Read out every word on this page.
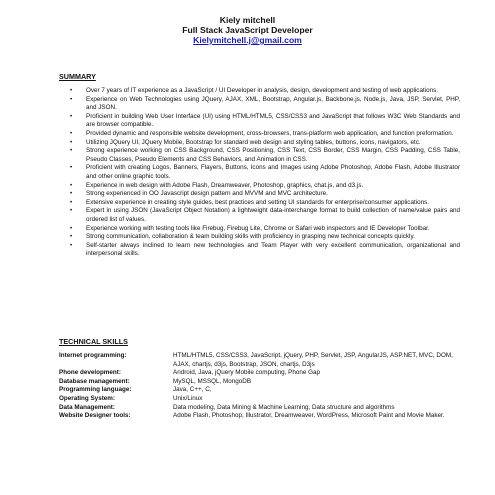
Kiely mitchell
Full Stack JavaScript Developer
Kielymitchell.j@gmail.com
SUMMARY
• Over 7 years of IT experience as a JavaScript / UI Developer in analysis, design, development and testing of web applications.
• Experience on Web Technologies using JQuery, AJAX, XML, Bootstrap, Angular.js, Backbone.js, Node.js, Java, JSP, Servlet, PHP, and JSON.
• Proficient in building Web User Interface (UI) using HTML/HTML5, CSS/CSS3 and JavaScript that follows W3C Web Standards and are browser compatible.
• Provided dynamic and responsible website development, cross-browsers, trans-platform web application, and function preformation.
• Utilizing JQuery UI, JQuery Mobile, Bootstrap for standard web design and styling tables, buttons, icons, navigators, etc.
• Strong experience working on CSS Background, CSS Positioning, CSS Text, CSS Border, CSS Margin, CSS Padding, CSS Table, Pseudo Classes, Pseudo Elements and CSS Behaviors, and Animation in CSS.
• Proficient with creating Logos, Banners, Flayers, Buttons, Icons and Images using Adobe Photoshop, Adobe Flash, Adobe Illustrator and other online graphic tools.
• Experience in web design with Adobe Flash, Dreamweaver, Photoshop, graphics, chat.js, and d3.js.
• Strong experienced in OO Javascript design pattern and MVVM and MVC architecture.
• Extensive experience in creating style guides, best practices and setting UI standards for enterprise/consumer applications.
• Expert in using JSON (JavaScript Object Notation) a lightweight data-interchange format to build collection of name/value pairs and ordered list of values.
• Experience working with testing tools like Firebug, Firebug Lite, Chrome or Safari web inspectors and IE Developer Toolbar.
• Strong communication, collaboration & team building skills with proficiency in grasping new technical concepts quickly.
• Self-starter always inclined to learn new technologies and Team Player with very excellent communication, organizational and interpersonal skills.
TECHNICAL SKILLS
Internet programming:	HTML/HTML5, CSS/CSS3, JavaScript, jQuery, PHP, Servlet, JSP, AngularJS, ASP.NET, MVC, DOM, AJAX, chartjs, d3js, Bootstrap, JSON, chartjs, D3js
Phone development:	Android, Java, jQuery Mobile computing, Phone Gap
Database management:	MySQL, MSSQL, MongoDB
Programming language:	Java, C++, C,
Operating System:	Unix/Linux
Data Management:	Data modeling, Data Mining & Machine Learning, Data structure and algorithms
Website Designer tools:	Adobe Flash, Photoshop, Illustrator, Dreamweaver, WordPress, Microsoft Paint and Movie Maker.
